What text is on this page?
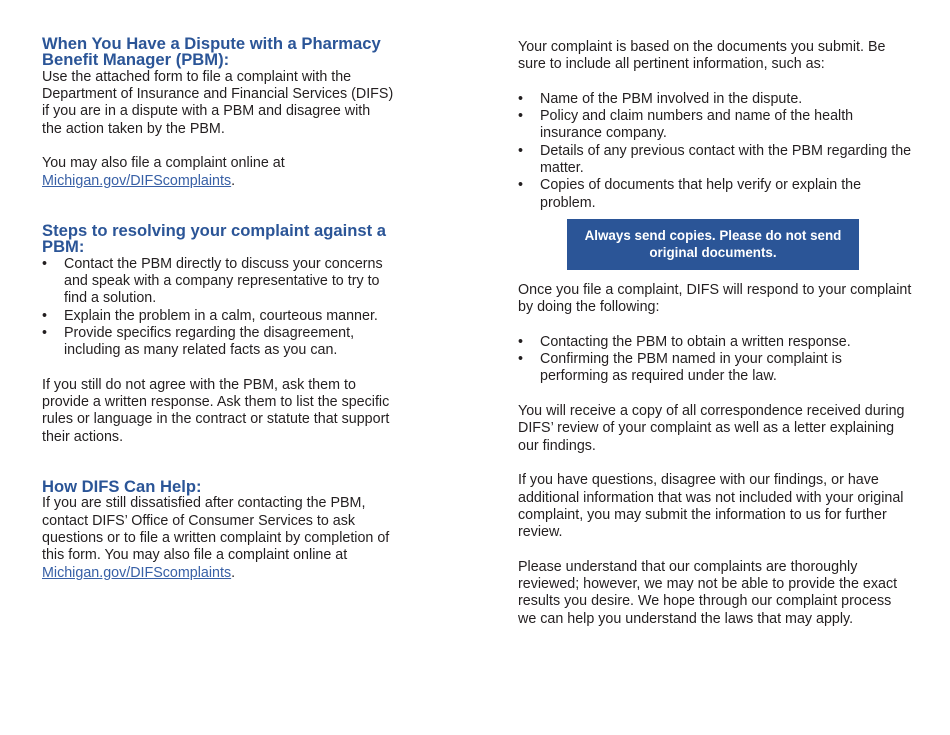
When You Have a Dispute with a Pharmacy Benefit Manager (PBM):

Use the attached form to file a complaint with the Department of Insurance and Financial Services (DIFS) if you are in a dispute with a PBM and disagree with the action taken by the PBM.

You may also file a complaint online at
Michigan.gov/DIFScomplaints.

Steps to resolving your complaint against a PBM:
• Contact the PBM directly to discuss your concerns and speak with a company representative to try to find a solution.
• Explain the problem in a calm, courteous manner.
• Provide specifics regarding the disagreement, including as many related facts as you can.

If you still do not agree with the PBM, ask them to provide a written response. Ask them to list the specific rules or language in the contract or statute that support their actions.

How DIFS Can Help:

If you are still dissatisfied after contacting the PBM, contact DIFS’ Office of Consumer Services to ask questions or to file a written complaint by completion of this form. You may also file a complaint online at
Michigan.gov/DIFScomplaints.

Your complaint is based on the documents you submit. Be sure to include all pertinent information, such as:

• Name of the PBM involved in the dispute.
• Policy and claim numbers and name of the health insurance company.
• Details of any previous contact with the PBM regarding the matter.
• Copies of documents that help verify or explain the problem.
Always send copies. Please do not send original documents.

Once you file a complaint, DIFS will respond to your complaint by doing the following:

• Contacting the PBM to obtain a written response.
• Confirming the PBM named in your complaint is performing as required under the law.

You will receive a copy of all correspondence received during DIFS’ review of your complaint as well as a letter explaining our findings.

If you have questions, disagree with our findings, or have additional information that was not included with your original complaint, you may submit the information to us for further review.

Please understand that our complaints are thoroughly reviewed; however, we may not be able to provide the exact results you desire. We hope through our complaint process we can help you understand the laws that may apply.
